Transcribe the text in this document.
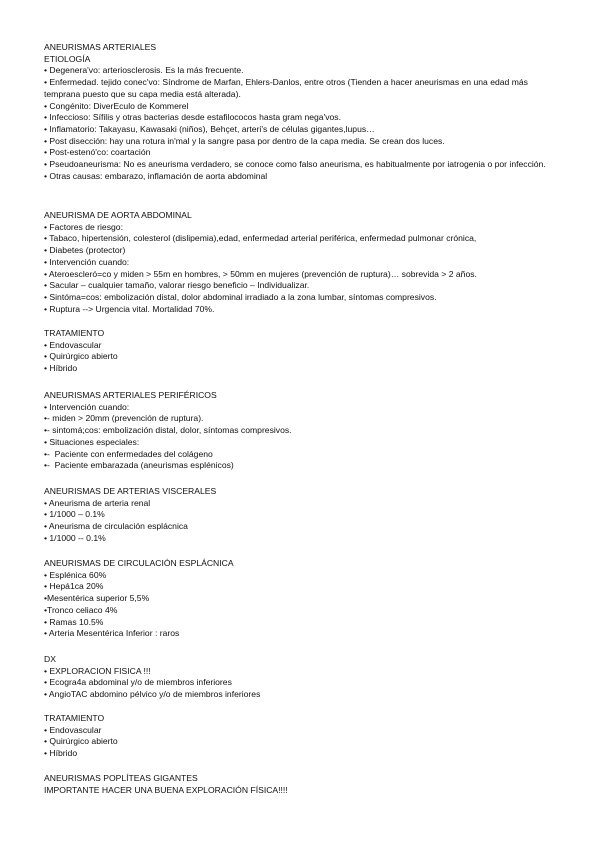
ANEURISMAS ARTERIALES
ETIOLOGÍA
• Degenera'vo: arteriosclerosis. Es la más frecuente.
• Enfermedad. tejido conec'vo: Síndrome de Marfan, Ehlers-Danlos, entre otros (Tienden a hacer aneurismas en una edad más temprana puesto que su capa media está alterada).
• Congénito: DiverEculo de Kommerel
• Infeccioso: Sífilis y otras bacterias desde estafilococos hasta gram nega'vos.
• Inflamatorio: Takayasu, Kawasaki (niños), Behçet, arteri's de células gigantes,lupus…
• Post disección: hay una rotura in'mal y la sangre pasa por dentro de la capa media. Se crean dos luces.
• Post-estenó'co: coartación
• Pseudoaneurisma: No es aneurisma verdadero, se conoce como falso aneurisma, es habitualmente por iatrogenia o por infección.
• Otras causas: embarazo, inflamación de aorta abdominal
ANEURISMA DE AORTA ABDOMINAL
• Factores de riesgo:
• Tabaco, hipertensión, colesterol (dislipemia),edad, enfermedad arterial periférica, enfermedad pulmonar crónica,
• Diabetes (protector)
• Intervención cuando:
• Ateroescleró=co y miden > 55m en hombres, > 50mm en mujeres (prevención de ruptura)… sobrevida > 2 años.
• Sacular – cualquier tamaño, valorar riesgo beneficio – Individualizar.
• Sintóma=cos: embolización distal, dolor abdominal irradiado a la zona lumbar, síntomas compresivos.
• Ruptura --> Urgencia vital. Mortalidad 70%.
TRATAMIENTO
• Endovascular
• Quirúrgico abierto
• Híbrido
ANEURISMAS ARTERIALES PERIFÉRICOS
• Intervención cuando:
•- miden > 20mm (prevención de ruptura).
•- sintomá;cos: embolización distal, dolor, síntomas compresivos.
• Situaciones especiales:
•-  Paciente con enfermedades del colágeno
•-  Paciente embarazada (aneurismas esplénicos)
ANEURISMAS DE ARTERIAS VISCERALES
• Aneurisma de arteria renal
• 1/1000 – 0.1%
• Aneurisma de circulación esplácnica
• 1/1000 -- 0.1%
ANEURISMAS DE CIRCULACIÓN ESPLÁCNICA
• Esplénica 60%
• Hepá1ca 20%
•Mesentérica superior 5,5%
•Tronco celiaco 4%
• Ramas 10.5%
• Arteria Mesentérica Inferior : raros
DX
• EXPLORACION FISICA !!!
• Ecogra4a abdominal y/o de miembros inferiores
• AngioTAC abdomino pélvico y/o de miembros inferiores
TRATAMIENTO
• Endovascular
• Quirúrgico abierto
• Híbrido
ANEURISMAS POPLÍTEAS GIGANTES
IMPORTANTE HACER UNA BUENA EXPLORACIÓN FÍSICA!!!!
